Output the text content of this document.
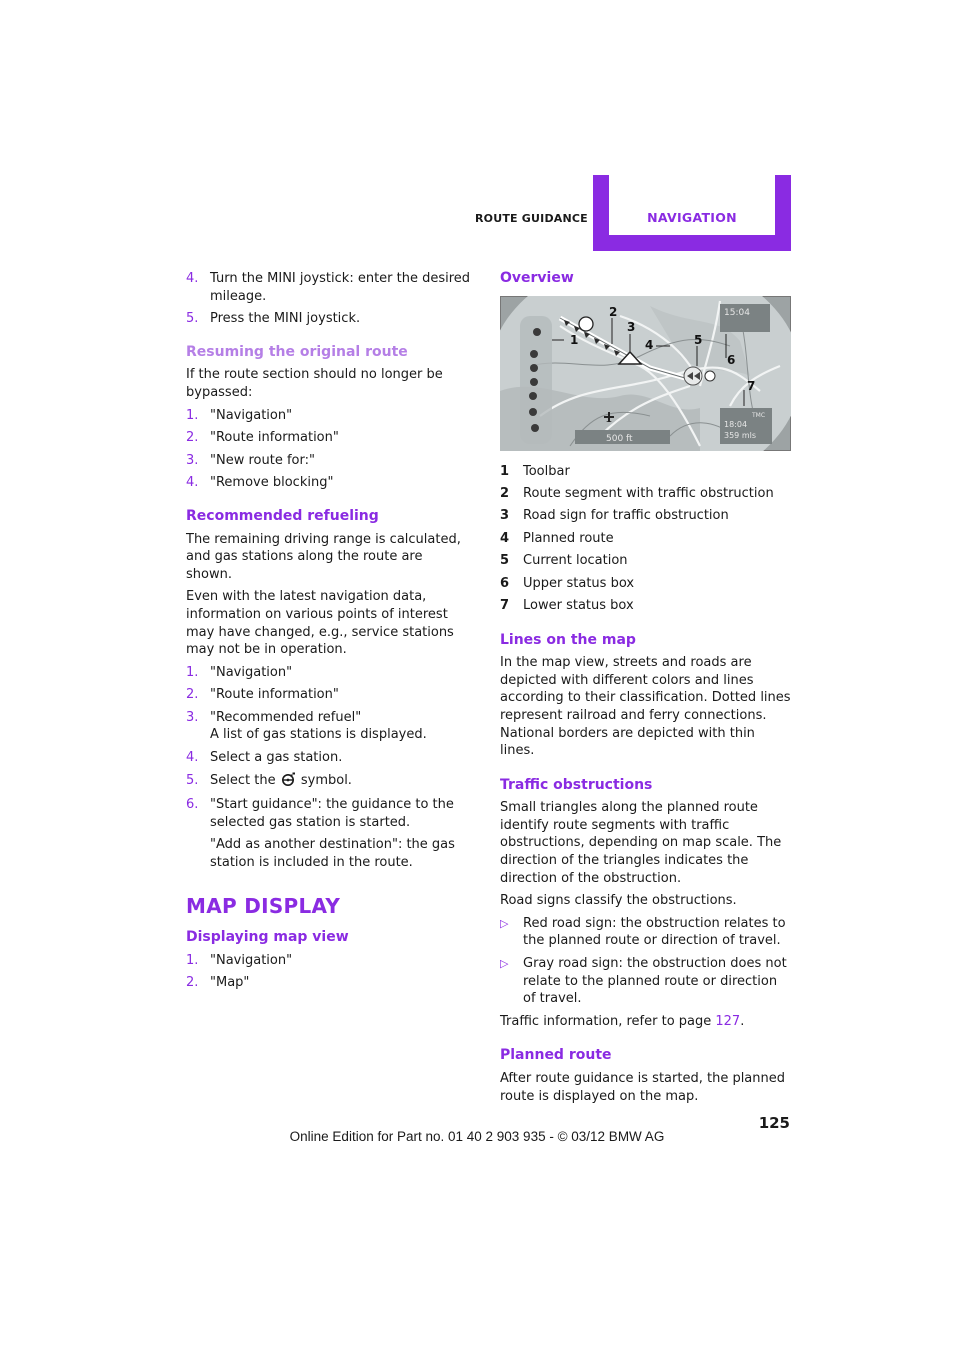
ROUTE GUIDANCE	NAVIGATION
4. Turn the MINI joystick: enter the desired mileage.
5. Press the MINI joystick.
Resuming the original route
If the route section should no longer be bypassed:
1. "Navigation"
2. "Route information"
3. "New route for:"
4. "Remove blocking"
Recommended refueling
The remaining driving range is calculated, and gas stations along the route are shown.
Even with the latest navigation data, information on various points of interest may have changed, e.g., service stations may not be in operation.
1. "Navigation"
2. "Route information"
3. "Recommended refuel"
A list of gas stations is displayed.
4. Select a gas station.
5. Select the symbol.
6. "Start guidance": the guidance to the selected gas station is started.
"Add as another destination": the gas station is included in the route.
MAP DISPLAY
Displaying map view
1. "Navigation"
2. "Map"
Overview
15:04
TMC
18:04
359 mls
500 ft
1
2
3
4	5
6
7
1 Toolbar
2 Route segment with traffic obstruction
3 Road sign for traffic obstruction
4 Planned route
5 Current location
6 Upper status box
7 Lower status box
Lines on the map
In the map view, streets and roads are depicted with different colors and lines according to their classification. Dotted lines represent railroad and ferry connections. National borders are depicted with thin lines.
Traffic obstructions
Small triangles along the planned route identify route segments with traffic obstructions, depending on map scale. The direction of the triangles indicates the direction of the obstruction.
Road signs classify the obstructions.
▷ Red road sign: the obstruction relates to the planned route or direction of travel.
▷ Gray road sign: the obstruction does not relate to the planned route or direction of travel.
Traffic information, refer to page 127.
Planned route
After route guidance is started, the planned route is displayed on the map.
125
Online Edition for Part no. 01 40 2 903 935 - © 03/12 BMW AG
